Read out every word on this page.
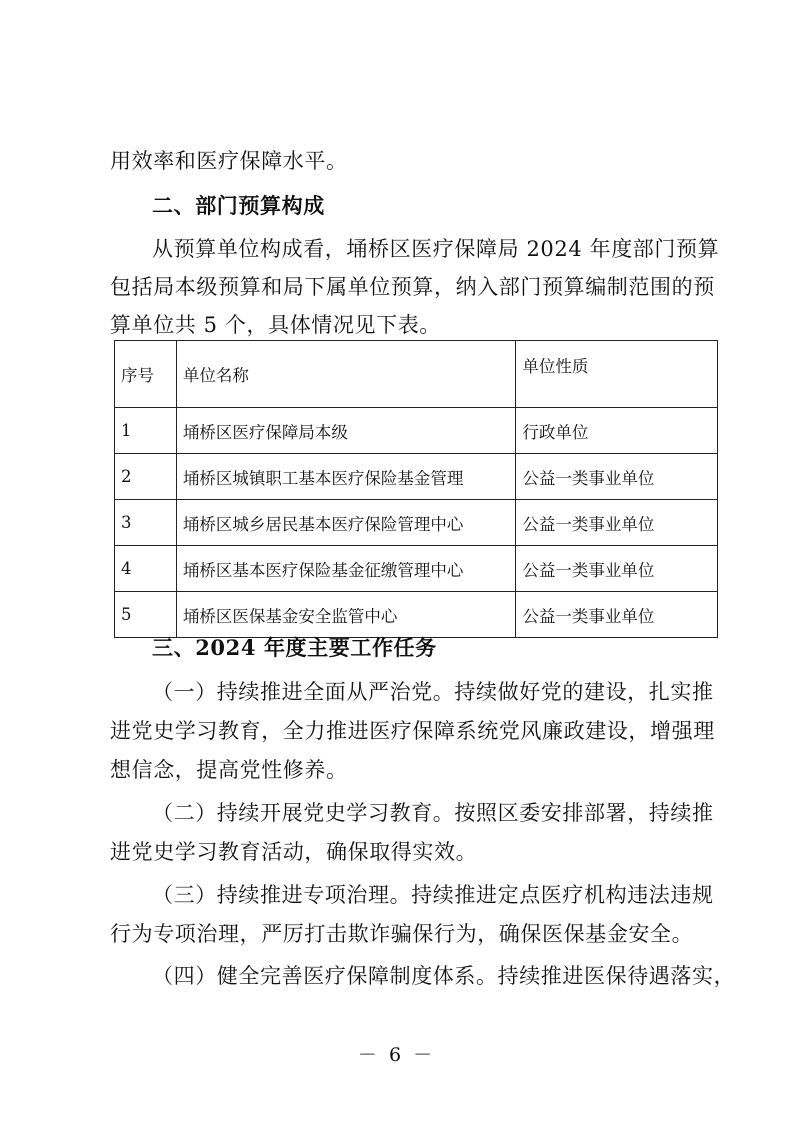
用效率和医疗保障水平。
二、部门预算构成
从预算单位构成看，埇桥区医疗保障局 2024 年度部门预算
包括局本级预算和局下属单位预算，纳入部门预算编制范围的预
算单位共 5 个，具体情况见下表。
序号	单位名称	单位性质
1	埇桥区医疗保障局本级	行政单位
2	埇桥区城镇职工基本医疗保险基金管理	公益一类事业单位
3	埇桥区城乡居民基本医疗保险管理中心	公益一类事业单位
4	埇桥区基本医疗保险基金征缴管理中心	公益一类事业单位
5	埇桥区医保基金安全监管中心	公益一类事业单位
三、2024 年度主要工作任务
（一）持续推进全面从严治党。持续做好党的建设，扎实推
进党史学习教育，全力推进医疗保障系统党风廉政建设，增强理
想信念，提高党性修养。
（二）持续开展党史学习教育。按照区委安排部署，持续推
进党史学习教育活动，确保取得实效。
（三）持续推进专项治理。持续推进定点医疗机构违法违规
行为专项治理，严厉打击欺诈骗保行为，确保医保基金安全。
（四）健全完善医疗保障制度体系。持续推进医保待遇落实，
－ 6 －
